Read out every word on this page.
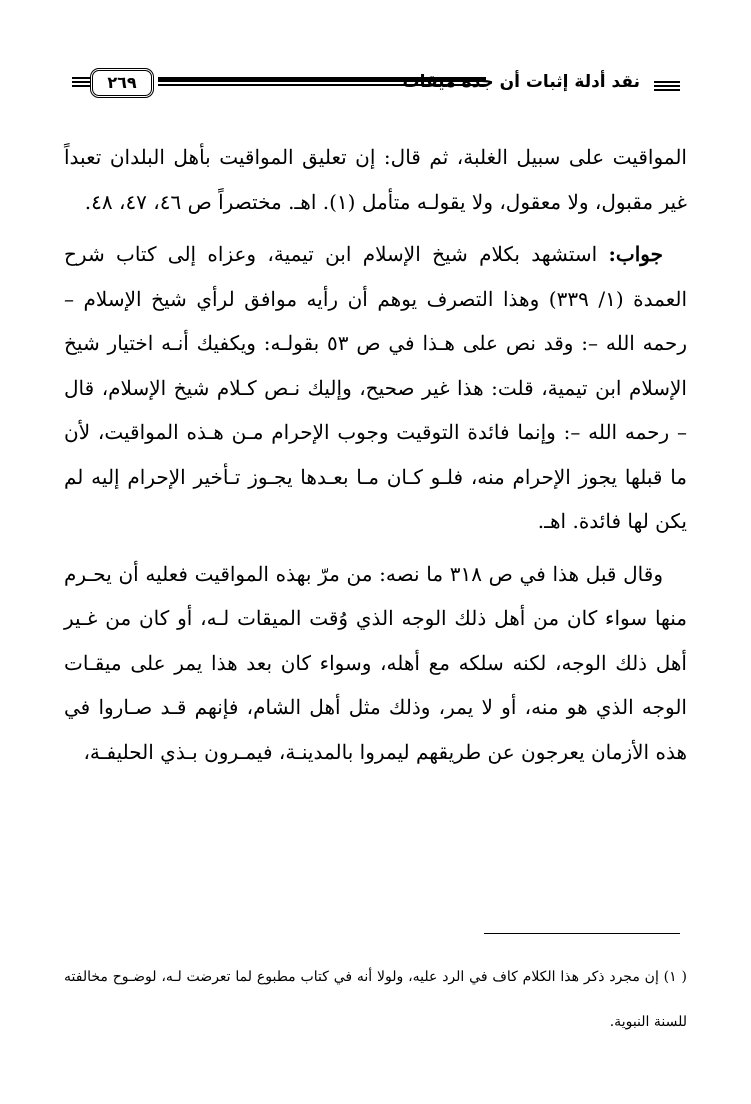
٢٦٩	نقد أدلة إثبات أن جدة ميقات

المواقيت على سبيل الغلبة، ثم قال: إن تعليق المواقيت بأهل البلدان تعبداً غير مقبول، ولا معقول، ولا يقولـه متأمل (١). اهـ. مختصراً ص ٤٦، ٤٧، ٤٨.

جواب: استشهد بكلام شيخ الإسلام ابن تيمية، وعزاه إلى كتاب شرح العمدة (١/ ٣٣٩) وهذا التصرف يوهم أن رأيه موافق لرأي شيخ الإسلام – رحمه الله –: وقد نص على هـذا في ص ٥٣ بقولـه: ويكفيك أنـه اختيار شيخ الإسلام ابن تيمية، قلت: هذا غير صحيح، وإليك نـص كـلام شيخ الإسلام، قال – رحمه الله –: وإنما فائدة التوقيت وجوب الإحرام مـن هـذه المواقيت، لأن ما قبلها يجوز الإحرام منه، فلـو كـان مـا بعـدها يجـوز تـأخير الإحرام إليه لم يكن لها فائدة. اهـ.

وقال قبل هذا في ص ٣١٨ ما نصه: من مرّ بهذه المواقيت فعليه أن يحـرم منها سواء كان من أهل ذلك الوجه الذي وُقت الميقات لـه، أو كان من غـير أهل ذلك الوجه، لكنه سلكه مع أهله، وسواء كان بعد هذا يمر على ميقـات الوجه الذي هو منه، أو لا يمر، وذلك مثل أهل الشام، فإنهم قـد صـاروا في هذه الأزمان يعرجون عن طريقهم ليمروا بالمدينـة، فيمـرون بـذي الحليفـة،

( ١) إن مجرد ذكر هذا الكلام كاف في الرد عليه، ولولا أنه في كتاب مطبوع لما تعرضت لـه، لوضـوح مخالفته للسنة النبوية.
